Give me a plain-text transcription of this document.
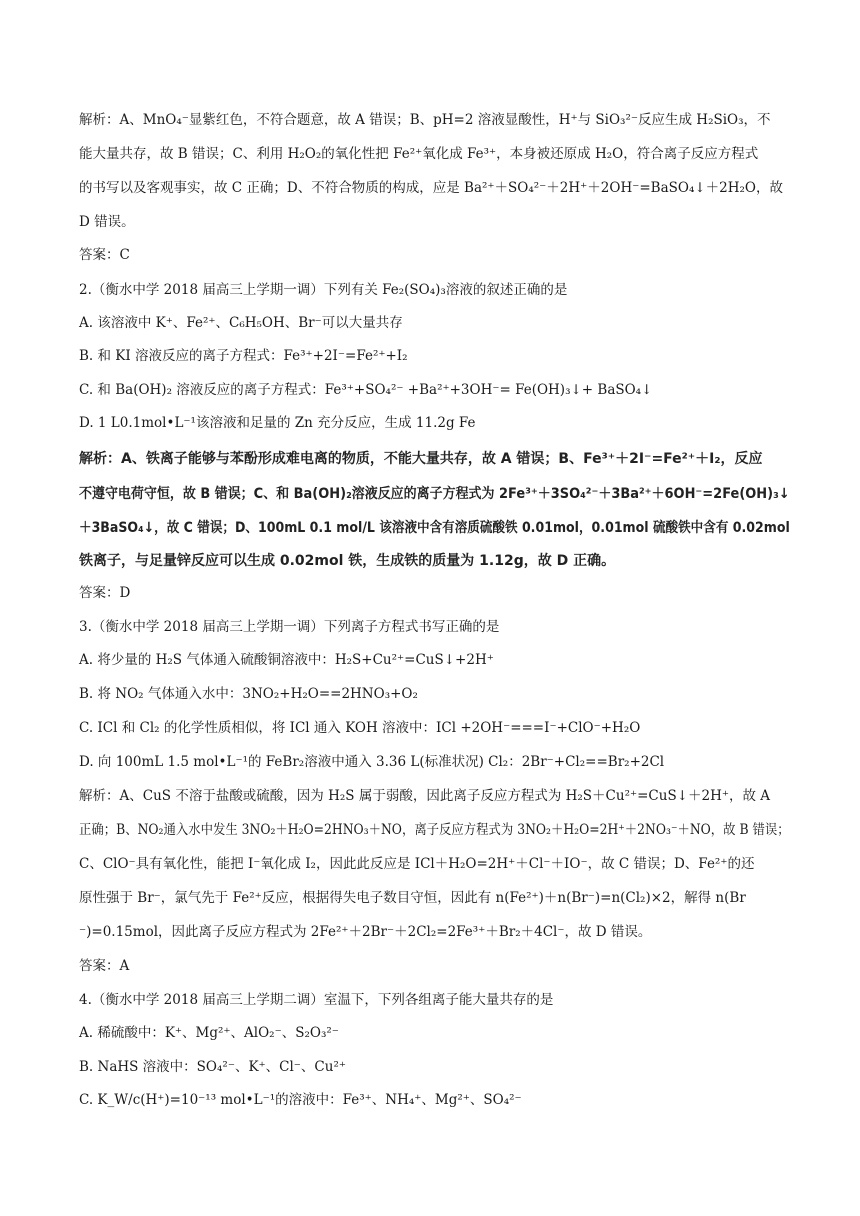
解析：A、MnO₄⁻显紫红色，不符合题意，故 A 错误；B、pH=2 溶液显酸性，H⁺与 SiO₃²⁻反应生成 H₂SiO₃，不
能大量共存，故 B 错误；C、利用 H₂O₂的氧化性把 Fe²⁺氧化成 Fe³⁺，本身被还原成 H₂O，符合离子反应方程式
的书写以及客观事实，故 C 正确；D、不符合物质的构成，应是 Ba²⁺＋SO₄²⁻＋2H⁺＋2OH⁻=BaSO₄↓＋2H₂O，故
D 错误。
答案：C
2.（衡水中学 2018 届高三上学期一调）下列有关 Fe₂(SO₄)₃溶液的叙述正确的是
A. 该溶液中 K⁺、Fe²⁺、C₆H₅OH、Br⁻可以大量共存
B. 和 KI 溶液反应的离子方程式：Fe³⁺+2I⁻=Fe²⁺+I₂
C. 和 Ba(OH)₂ 溶液反应的离子方程式：Fe³⁺+SO₄²⁻ +Ba²⁺+3OH⁻= Fe(OH)₃↓+ BaSO₄↓
D. 1 L0.1mol•L⁻¹该溶液和足量的 Zn 充分反应，生成 11.2g Fe
解析：A、铁离子能够与苯酚形成难电离的物质，不能大量共存，故 A 错误；B、Fe³⁺＋2I⁻=Fe²⁺＋I₂，反应
不遵守电荷守恒，故 B 错误；C、和 Ba(OH)₂溶液反应的离子方程式为 2Fe³⁺＋3SO₄²⁻＋3Ba²⁺＋6OH⁻=2Fe(OH)₃↓
＋3BaSO₄↓，故 C 错误；D、100mL 0.1 mol/L 该溶液中含有溶质硫酸铁 0.01mol，0.01mol 硫酸铁中含有 0.02mol
铁离子，与足量锌反应可以生成 0.02mol 铁，生成铁的质量为 1.12g，故 D 正确。
答案：D
3.（衡水中学 2018 届高三上学期一调）下列离子方程式书写正确的是
A. 将少量的 H₂S 气体通入硫酸铜溶液中：H₂S+Cu²⁺=CuS↓+2H⁺
B. 将 NO₂ 气体通入水中：3NO₂+H₂O==2HNO₃+O₂
C. ICl 和 Cl₂ 的化学性质相似，将 ICl 通入 KOH 溶液中：ICl +2OH⁻===I⁻+ClO⁻+H₂O
D. 向 100mL 1.5 mol•L⁻¹的 FeBr₂溶液中通入 3.36 L(标准状况) Cl₂：2Br⁻+Cl₂==Br₂+2Cl
解析：A、CuS 不溶于盐酸或硫酸，因为 H₂S 属于弱酸，因此离子反应方程式为 H₂S＋Cu²⁺=CuS↓＋2H⁺，故 A
正确；B、NO₂通入水中发生 3NO₂＋H₂O=2HNO₃＋NO，离子反应方程式为 3NO₂＋H₂O=2H⁺＋2NO₃⁻＋NO，故 B 错误；
C、ClO⁻具有氧化性，能把 I⁻氧化成 I₂，因此此反应是 ICl＋H₂O=2H⁺＋Cl⁻＋IO⁻，故 C 错误；D、Fe²⁺的还
原性强于 Br⁻，氯气先于 Fe²⁺反应，根据得失电子数目守恒，因此有 n(Fe²⁺)＋n(Br⁻)=n(Cl₂)×2，解得 n(Br
⁻)=0.15mol，因此离子反应方程式为 2Fe²⁺＋2Br⁻＋2Cl₂=2Fe³⁺＋Br₂＋4Cl⁻，故 D 错误。
答案：A
4.（衡水中学 2018 届高三上学期二调）室温下，下列各组离子能大量共存的是
A. 稀硫酸中：K⁺、Mg²⁺、AlO₂⁻、S₂O₃²⁻
B. NaHS 溶液中：SO₄²⁻、K⁺、Cl⁻、Cu²⁺
C. K_W/c(H⁺)=10⁻¹³ mol•L⁻¹的溶液中：Fe³⁺、NH₄⁺、Mg²⁺、SO₄²⁻
